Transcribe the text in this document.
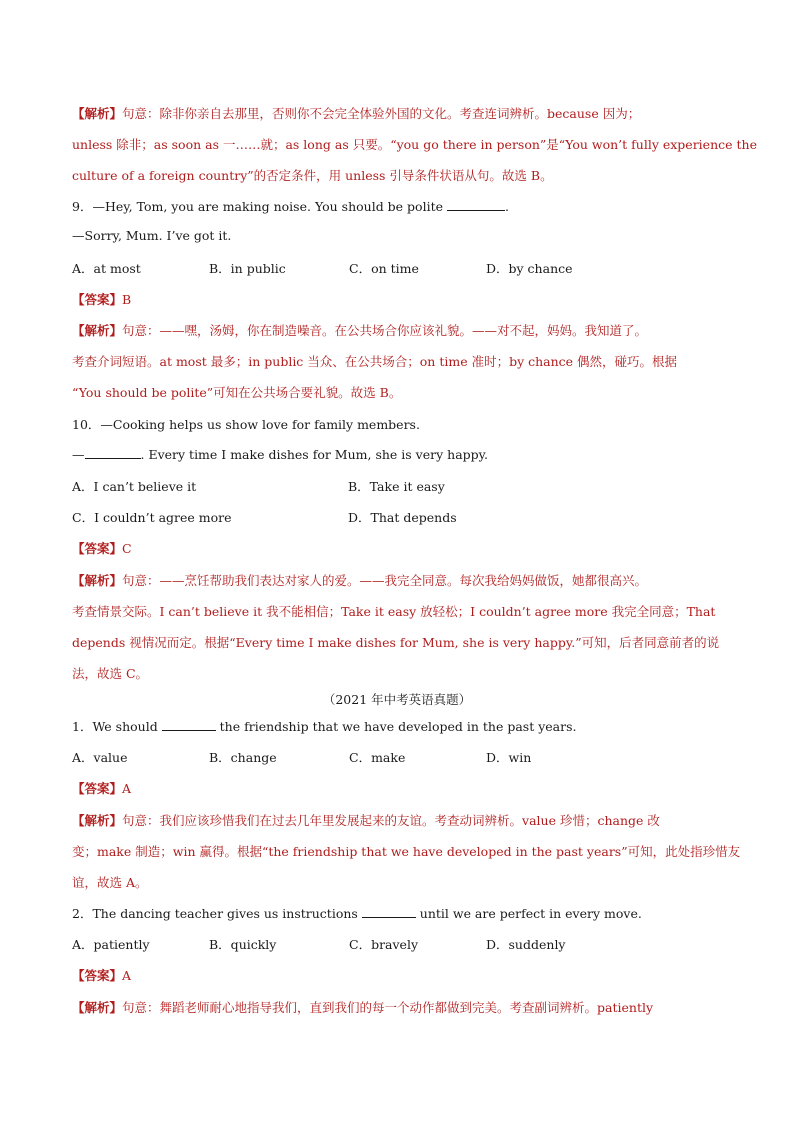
【解析】句意：除非你亲自去那里，否则你不会完全体验外国的文化。考查连词辨析。because 因为；
unless 除非；as soon as 一……就；as long as 只要。“you go there in person”是“You won’t fully experience the
culture of a foreign country”的否定条件，用 unless 引导条件状语从句。故选 B。
9．—Hey, Tom, you are making noise. You should be polite	.
—Sorry, Mum. I’ve got it.
A．at most	B．in public	C．on time	D．by chance
【答案】B
【解析】句意：——嘿，汤姆，你在制造噪音。在公共场合你应该礼貌。——对不起，妈妈。我知道了。
考查介词短语。at most 最多；in public 当众、在公共场合；on time 准时；by chance 偶然，碰巧。根据
“You should be polite”可知在公共场合要礼貌。故选 B。
10．—Cooking helps us show love for family members.
—	. Every time I make dishes for Mum, she is very happy.
A．I can’t believe it	B．Take it easy
C．I couldn’t agree more	D．That depends
【答案】C
【解析】句意：——烹饪帮助我们表达对家人的爱。——我完全同意。每次我给妈妈做饭，她都很高兴。
考查情景交际。I can’t believe it 我不能相信；Take it easy 放轻松；I couldn’t agree more 我完全同意；That
depends 视情况而定。根据“Every time I make dishes for Mum, she is very happy.”可知，后者同意前者的说
法，故选 C。
（2021 年中考英语真题）
1．We should	the friendship that we have developed in the past years.
A．value	B．change	C．make	D．win
【答案】A
【解析】句意：我们应该珍惜我们在过去几年里发展起来的友谊。考查动词辨析。value 珍惜；change 改
变；make 制造；win 赢得。根据“the friendship that we have developed in the past years”可知，此处指珍惜友
谊，故选 A。
2．The dancing teacher gives us instructions	until we are perfect in every move.
A．patiently	B．quickly	C．bravely	D．suddenly
【答案】A
【解析】句意：舞蹈老师耐心地指导我们，直到我们的每一个动作都做到完美。考查副词辨析。patiently
